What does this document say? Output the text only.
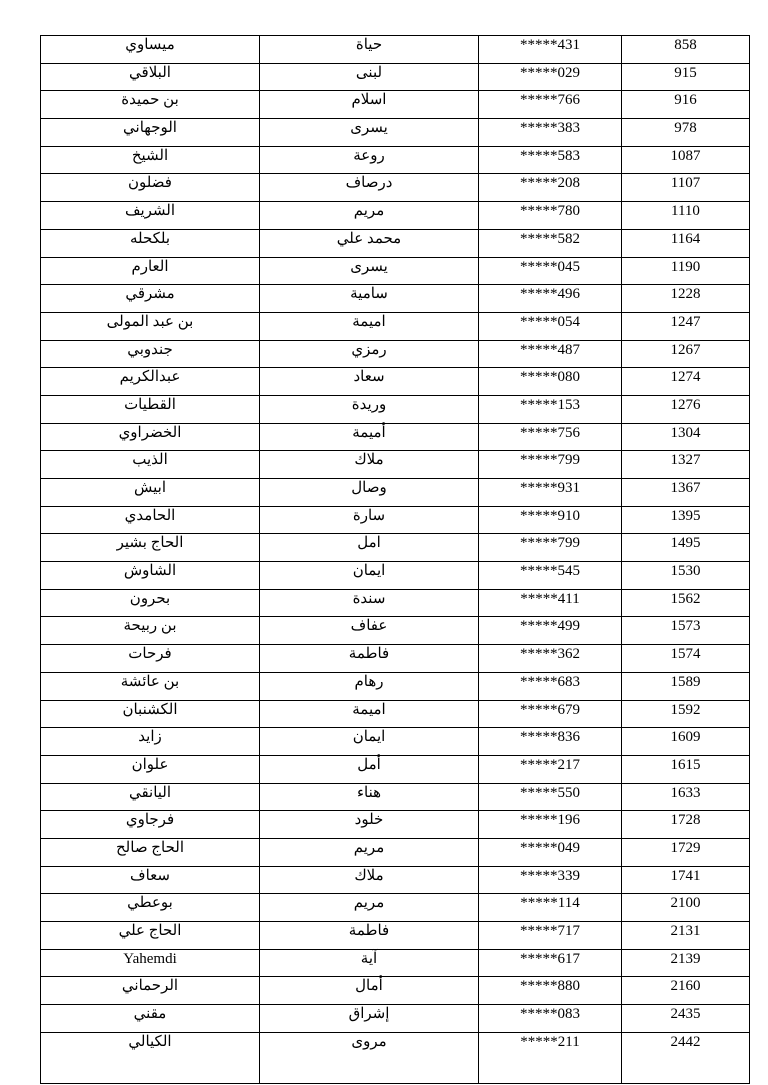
ميساوي	حياة	*****431	858
البلاقي	لبنى	*****029	915
بن حميدة	اسلام	*****766	916
الوجهاني	يسرى	*****383	978
الشيخ	روعة	*****583	1087
فضلون	درصاف	*****208	1107
الشريف	مريم	*****780	1110
بلكحله	محمد علي	*****582	1164
العارم	يسرى	*****045	1190
مشرقي	سامية	*****496	1228
بن عبد المولى	اميمة	*****054	1247
جندوبي	رمزي	*****487	1267
عبدالكريم	سعاد	*****080	1274
القطيات	وريدة	*****153	1276
الخضراوي	أميمة	*****756	1304
الذيب	ملاك	*****799	1327
ابيش	وصال	*****931	1367
الحامدي	سارة	*****910	1395
الحاج بشير	امل	*****799	1495
الشاوش	ايمان	*****545	1530
بحرون	سندة	*****411	1562
بن ربيحة	عفاف	*****499	1573
فرحات	فاطمة	*****362	1574
بن عائشة	رهام	*****683	1589
الكشنبان	اميمة	*****679	1592
زايد	ايمان	*****836	1609
علوان	أمل	*****217	1615
اليانقي	هناء	*****550	1633
فرجاوي	خلود	*****196	1728
الحاج صالح	مريم	*****049	1729
سعاف	ملاك	*****339	1741
بوعطي	مريم	*****114	2100
الحاج علي	فاطمة	*****717	2131
Yahemdi	آية	*****617	2139
الرحماني	أمال	*****880	2160
مقني	إشراق	*****083	2435
الكيالي	مروى	*****211	2442
